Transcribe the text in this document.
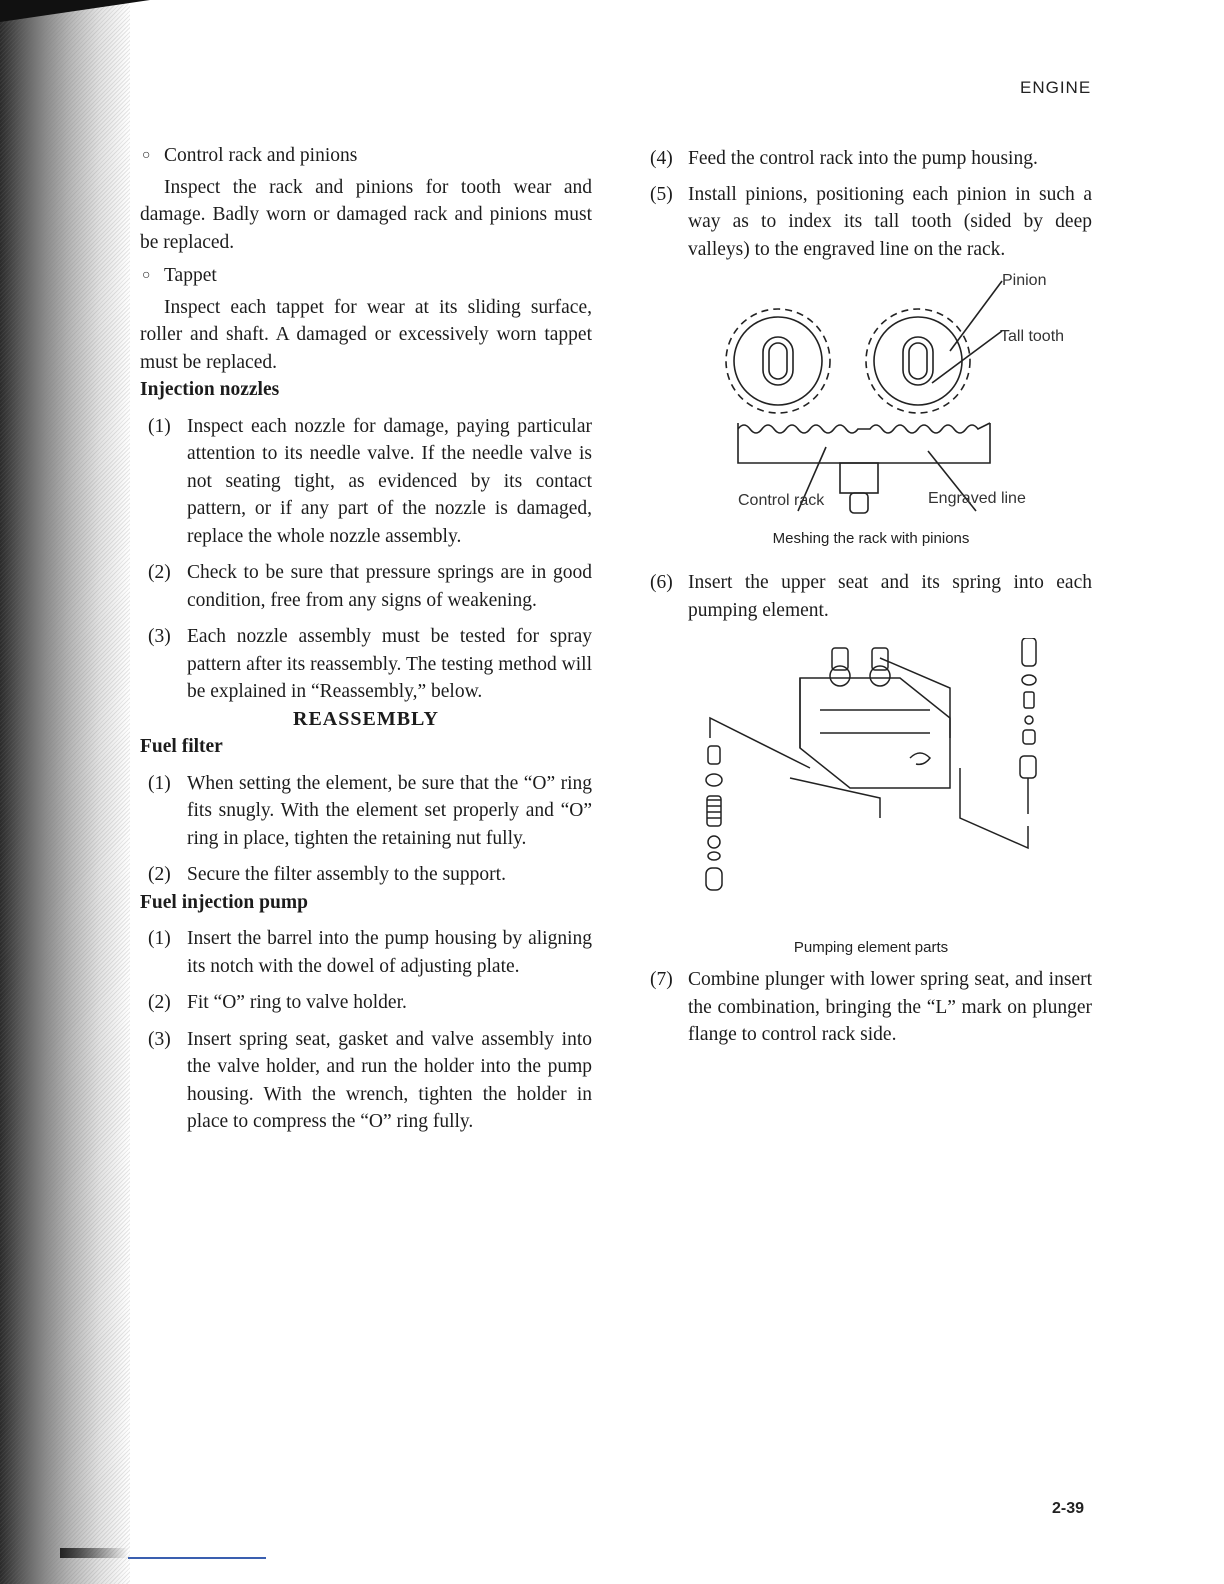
ENGINE

○ Control rack and pinions

Inspect the rack and pinions for tooth wear and damage. Badly worn or damaged rack and pinions must be replaced.

○ Tappet

Inspect each tappet for wear at its sliding surface, roller and shaft. A damaged or excessively worn tappet must be replaced.

Injection nozzles

(1) Inspect each nozzle for damage, paying particular attention to its needle valve. If the needle valve is not seating tight, as evidenced by its contact pattern, or if any part of the nozzle is damaged, replace the whole nozzle assembly.
(2) Check to be sure that pressure springs are in good condition, free from any signs of weakening.
(3) Each nozzle assembly must be tested for spray pattern after its reassembly. The testing method will be explained in “Reassembly,” below.

REASSEMBLY

Fuel filter

(1) When setting the element, be sure that the “O” ring fits snugly. With the element set properly and “O” ring in place, tighten the retaining nut fully.
(2) Secure the filter assembly to the support.

Fuel injection pump

(1) Insert the barrel into the pump housing by aligning its notch with the dowel of adjusting plate.
(2) Fit “O” ring to valve holder.
(3) Insert spring seat, gasket and valve assembly into the valve holder, and run the holder into the pump housing. With the wrench, tighten the holder in place to compress the “O” ring fully.
(4) Feed the control rack into the pump housing.
(5) Install pinions, positioning each pinion in such a way as to index its tall tooth (sided by deep valleys) to the engraved line on the rack.
Pinion
Tall tooth
Control rack	Engraved line
Meshing the rack with pinions
(6) Insert the upper seat and its spring into each pumping element.
Pumping element parts
(7) Combine plunger with lower spring seat, and insert the combination, bringing the “L” mark on plunger flange to control rack side.
2-39
